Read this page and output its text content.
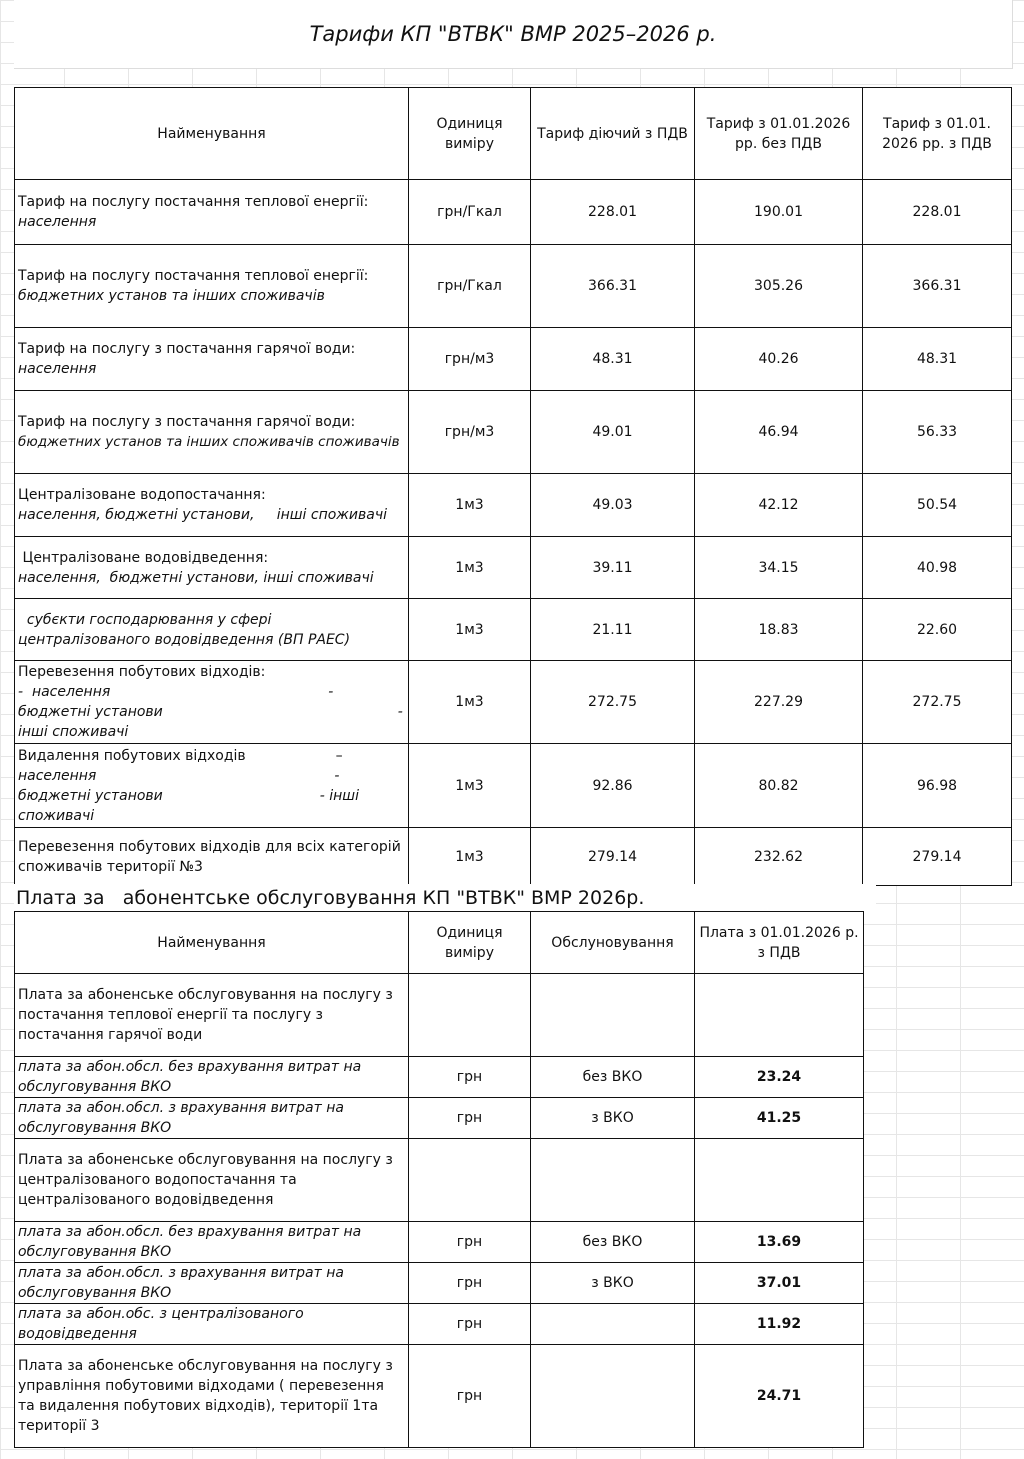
Тарифи КП "ВТВК" ВМР 2025–2026 р.
Найменування	Одиниця виміру	Тариф діючий з ПДВ	Тариф з 01.01.2026 рр. без ПДВ	Тариф з 01.01. 2026 рр. з ПДВ

Тариф на послугу постачання теплової енергії:
населення	грн/Гкал	228.01	190.01	228.01

Тариф на послугу постачання теплової енергії:
бюджетних установ та інших споживачів	грн/Гкал	366.31	305.26	366.31

Тариф на послугу з постачання гарячої води:
населення	грн/м3	48.31	40.26	48.31

Тариф на послугу з постачання гарячої води:
бюджетних установ та інших споживачів споживачів	грн/м3	49.01	46.94	56.33

Централізоване водопостачання:
населення, бюджетні установи,     інші споживачі	1м3	49.03	42.12	50.54

Централізоване водовідведення:
населення,  бюджетні установи, інші споживачі	1м3	39.11	34.15	40.98

субєкти господарювання у сфері централізованого водовідведення (ВП РАЕС)	1м3	21.11	18.83	22.60

Перевезення побутових відходів:
-  населення -
бюджетні установи -
інші споживачі	1м3	272.75	227.29	272.75

Видалення побутових відходів –
населення -
бюджетні установи - інші
споживачі	1м3	92.86	80.82	96.98

Перевезення побутових відходів для всіх категорій споживачів території №3	1м3	279.14	232.62	279.14
Плата за   абонентське обслуговування КП "ВТВК" ВМР 2026р.
Найменування	Одиниця виміру	Обслуновування	Плата з 01.01.2026 р. з ПДВ
Плата за абоненське обслуговування на послугу з постачання теплової енергії та послугу з постачання гарячої води			
плата за абон.обсл. без врахування витрат на обслуговування ВКО	грн	без ВКО	23.24
плата за абон.обсл. з врахування витрат на обслуговування ВКО	грн	з ВКО	41.25
Плата за абоненське обслуговування на послугу з централізованого водопостачання та централізованого водовідведення			
плата за абон.обсл. без врахування витрат на обслуговування ВКО	грн	без ВКО	13.69
плата за абон.обсл. з врахування витрат на обслуговування ВКО	грн	з ВКО	37.01
плата за абон.обс. з централізованого водовідведення	грн		11.92
Плата за абоненське обслуговування на послугу з управління побутовими відходами ( перевезення та видалення побутових відходів), території 1та території 3	грн		24.71
